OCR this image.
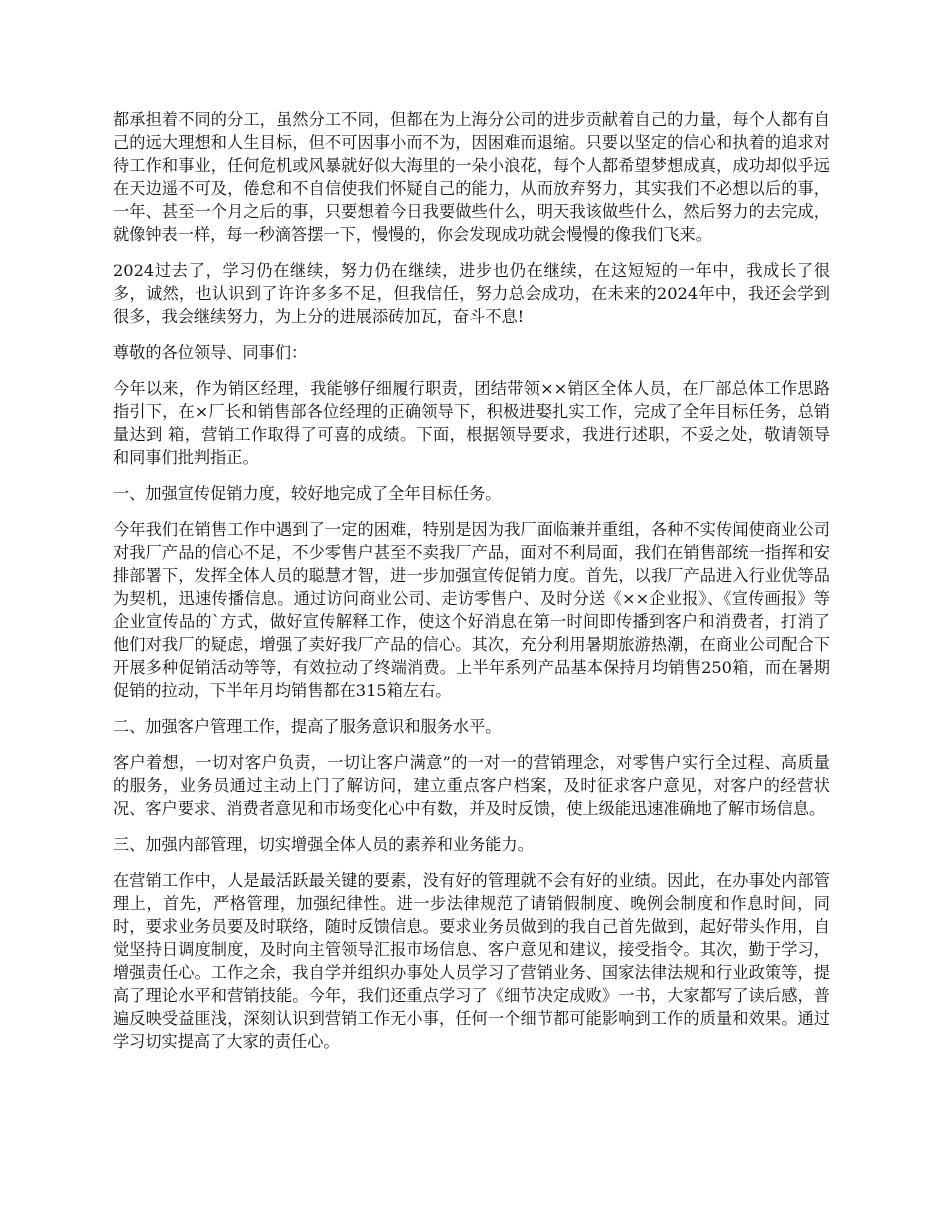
都承担着不同的分工，虽然分工不同，但都在为上海分公司的进步贡献着自己的力量，每个人都有自己的远大理想和人生目标，但不可因事小而不为，因困难而退缩。只要以坚定的信心和执着的追求对待工作和事业，任何危机或风暴就好似大海里的一朵小浪花，每个人都希望梦想成真，成功却似乎远在天边遥不可及，倦怠和不自信使我们怀疑自己的能力，从而放弃努力，其实我们不必想以后的事，一年、甚至一个月之后的事，只要想着今日我要做些什么，明天我该做些什么，然后努力的去完成，就像钟表一样，每一秒滴答摆一下，慢慢的，你会发现成功就会慢慢的像我们飞来。

2024过去了，学习仍在继续，努力仍在继续，进步也仍在继续，在这短短的一年中，我成长了很多，诚然，也认识到了许许多多不足，但我信任，努力总会成功，在未来的2024年中，我还会学到很多，我会继续努力，为上分的进展添砖加瓦，奋斗不息!

尊敬的各位领导、同事们：

今年以来，作为销区经理，我能够仔细履行职责，团结带领××销区全体人员，在厂部总体工作思路指引下，在×厂长和销售部各位经理的正确领导下，积极进娶扎实工作，完成了全年目标任务，总销量达到 箱，营销工作取得了可喜的成绩。下面，根据领导要求，我进行述职，不妥之处，敬请领导和同事们批判指正。

一、加强宣传促销力度，较好地完成了全年目标任务。

今年我们在销售工作中遇到了一定的困难，特别是因为我厂面临兼并重组，各种不实传闻使商业公司对我厂产品的信心不足，不少零售户甚至不卖我厂产品，面对不利局面，我们在销售部统一指挥和安排部署下，发挥全体人员的聪慧才智，进一步加强宣传促销力度。首先，以我厂产品进入行业优等品为契机，迅速传播信息。通过访问商业公司、走访零售户、及时分送《××企业报》、《宣传画报》等企业宣传品的`方式，做好宣传解释工作，使这个好消息在第一时间即传播到客户和消费者，打消了他们对我厂的疑虑，增强了卖好我厂产品的信心。其次，充分利用暑期旅游热潮，在商业公司配合下开展多种促销活动等等，有效拉动了终端消费。上半年系列产品基本保持月均销售250箱，而在暑期促销的拉动，下半年月均销售都在315箱左右。

二、加强客户管理工作，提高了服务意识和服务水平。

客户着想，一切对客户负责，一切让客户满意”的一对一的营销理念，对零售户实行全过程、高质量的服务，业务员通过主动上门了解访问，建立重点客户档案，及时征求客户意见，对客户的经营状况、客户要求、消费者意见和市场变化心中有数，并及时反馈，使上级能迅速准确地了解市场信息。

三、加强内部管理，切实增强全体人员的素养和业务能力。

在营销工作中，人是最活跃最关键的要素，没有好的管理就不会有好的业绩。因此，在办事处内部管理上，首先，严格管理，加强纪律性。进一步法律规范了请销假制度、晚例会制度和作息时间，同时，要求业务员要及时联络，随时反馈信息。要求业务员做到的我自己首先做到，起好带头作用，自觉坚持日调度制度，及时向主管领导汇报市场信息、客户意见和建议，接受指令。其次，勤于学习，增强责任心。工作之余，我自学并组织办事处人员学习了营销业务、国家法律法规和行业政策等，提高了理论水平和营销技能。今年，我们还重点学习了《细节决定成败》一书，大家都写了读后感，普遍反映受益匪浅，深刻认识到营销工作无小事，任何一个细节都可能影响到工作的质量和效果。通过学习切实提高了大家的责任心。
